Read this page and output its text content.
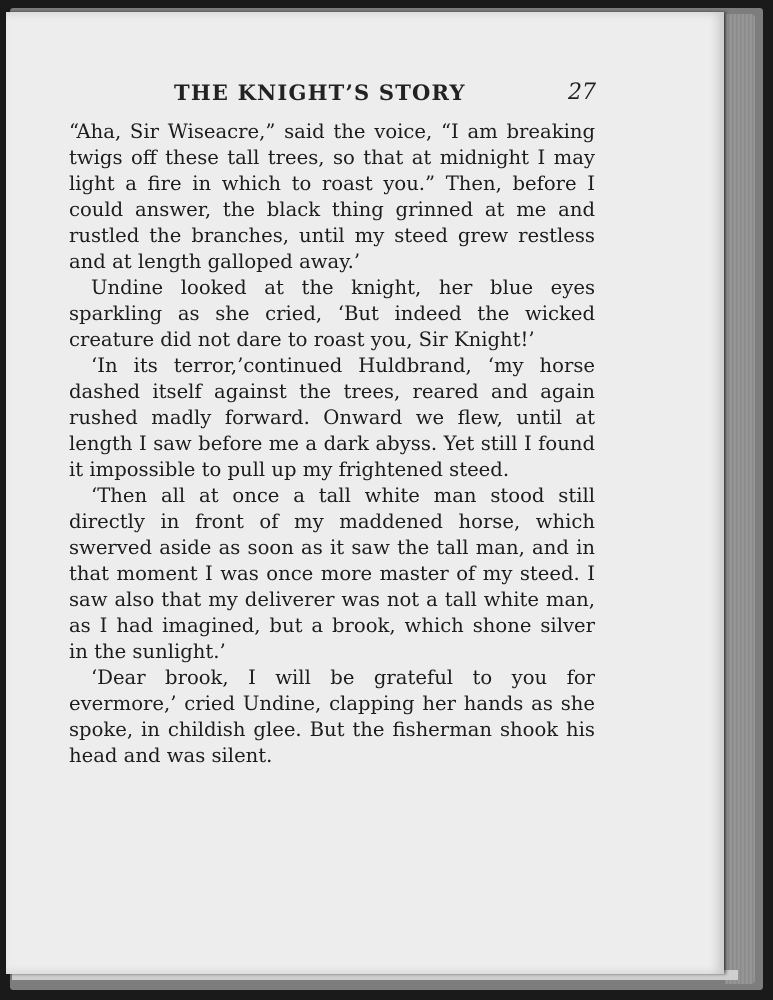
THE KNIGHT’S STORY	27

“Aha, Sir Wiseacre,” said the voice, “I am breaking twigs off these tall trees, so that at midnight I may light a fire in which to roast you.” Then, before I could answer, the black thing grinned at me and rustled the branches, until my steed grew restless and at length galloped away.’

Undine looked at the knight, her blue eyes sparkling as she cried, ‘But indeed the wicked creature did not dare to roast you, Sir Knight!’

‘In its terror,’continued Huldbrand, ‘my horse dashed itself against the trees, reared and again rushed madly forward. Onward we flew, until at length I saw before me a dark abyss. Yet still I found it impossible to pull up my frightened steed.

‘Then all at once a tall white man stood still directly in front of my maddened horse, which swerved aside as soon as it saw the tall man, and in that moment I was once more master of my steed. I saw also that my deliverer was not a tall white man, as I had imagined, but a brook, which shone silver in the sunlight.’

‘Dear brook, I will be grateful to you for evermore,’ cried Undine, clapping her hands as she spoke, in childish glee. But the fisherman shook his head and was silent.
